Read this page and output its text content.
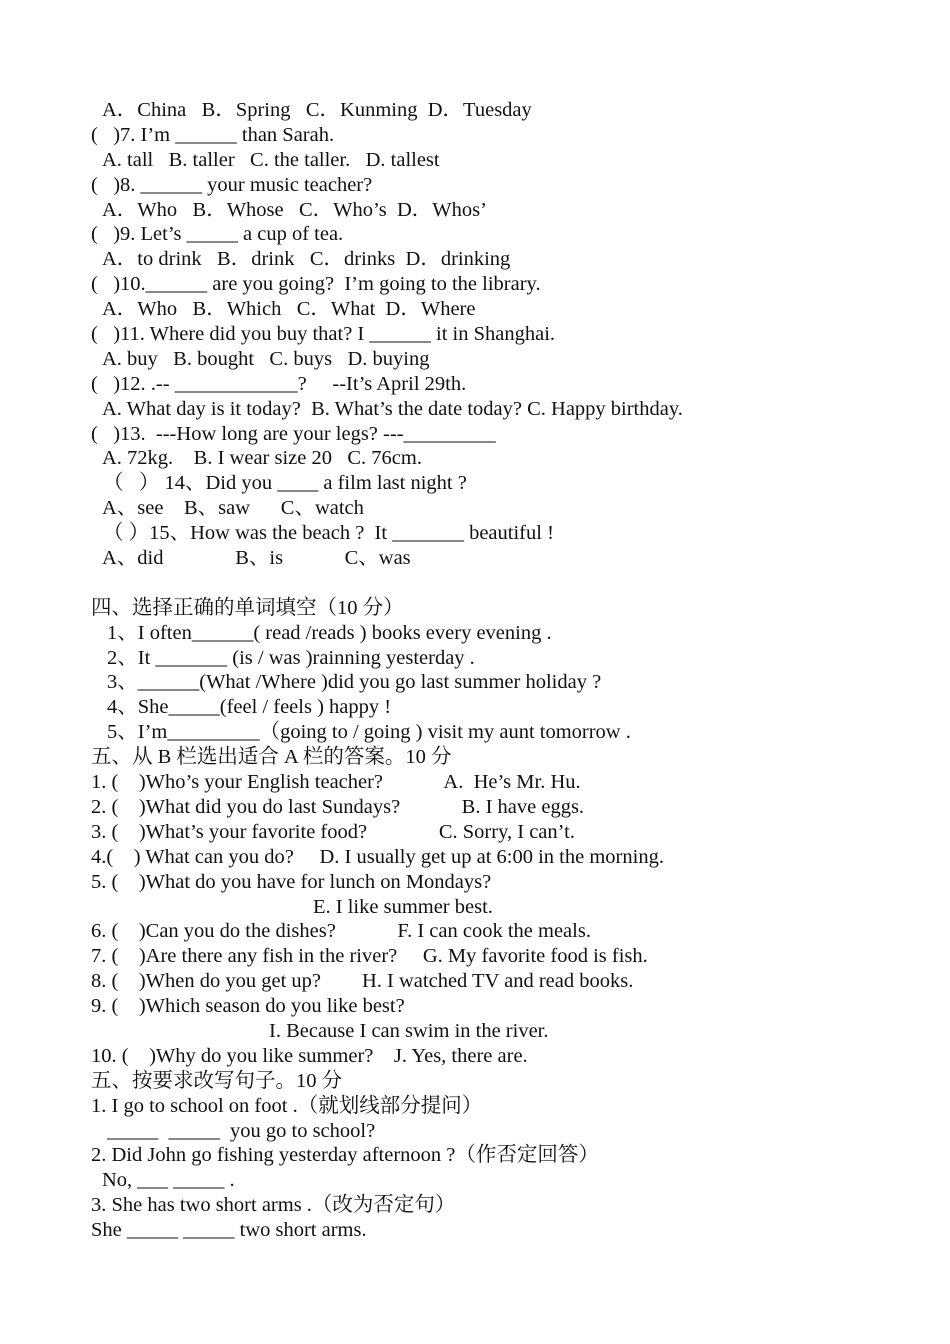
A．China   B．Spring   C．Kunming  D．Tuesday
(   )7. I’m ______ than Sarah.
A. tall   B. taller   C. the taller.   D. tallest
(   )8. ______ your music teacher?
A．Who   B．Whose   C．Who’s  D．Whos’
(   )9. Let’s _____ a cup of tea.
A．to drink   B．drink   C．drinks  D．drinking
(   )10.______ are you going?  I’m going to the library.
A．Who   B．Which   C．What  D．Where
(   )11. Where did you buy that? I ______ it in Shanghai.
A. buy   B. bought   C. buys   D. buying
(   )12. .-- ____________?     --It’s April 29th.
A. What day is it today?  B. What’s the date today? C. Happy birthday.
(   )13.  ---How long are your legs? ---_________
A. 72kg.    B. I wear size 20   C. 76cm.
（   ） 14、Did you ____ a film last night ?
A、see    B、saw      C、watch
（ ）15、How was the beach ?  It _______ beautiful !
A、did              B、is            C、was
四、选择正确的单词填空（10 分）
1、I often______( read /reads ) books every evening .
2、It _______ (is / was )rainning yesterday .
3、______(What /Where )did you go last summer holiday ?
4、She_____(feel / feels ) happy !
5、I’m_________（going to / going ) visit my aunt tomorrow .
五、从 B 栏选出适合 A 栏的答案。10 分
1. (    )Who’s your English teacher?            A.  He’s Mr. Hu.
2. (    )What did you do last Sundays?            B. I have eggs.
3. (    )What’s your favorite food?              C. Sorry, I can’t.
4.(    ) What can you do?     D. I usually get up at 6:00 in the morning.
5. (    )What do you have for lunch on Mondays?
E. I like summer best.
6. (    )Can you do the dishes?            F. I can cook the meals.
7. (    )Are there any fish in the river?     G. My favorite food is fish.
8. (    )When do you get up?        H. I watched TV and read books.
9. (    )Which season do you like best?
I. Because I can swim in the river.
10. (    )Why do you like summer?    J. Yes, there are.
五、按要求改写句子。10 分
1. I go to school on foot .（就划线部分提问）
_____  _____  you go to school?
2. Did John go fishing yesterday afternoon ?（作否定回答）
No, ___ _____ .
3. She has two short arms .（改为否定句）
She _____ _____ two short arms.
